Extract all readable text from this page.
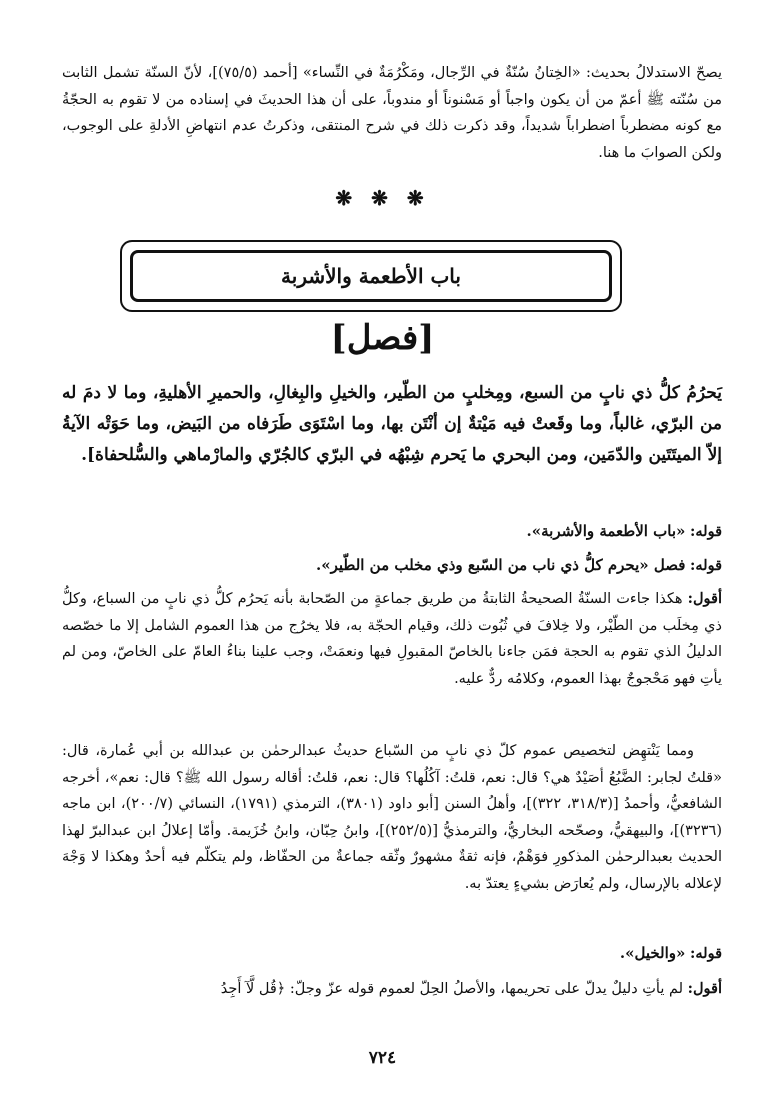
يصحّ الاستدلالُ بحديث: «الخِتانُ سُنّةٌ في الرِّجال، ومَكْرُمَةٌ في النِّساء» [أحمد (٧٥/٥)]، لأنّ السنّة تشمل الثابت من سُنّته ﷺ أعمّ من أن يكون واجباً أو مَسْنوناً أو مندوباً، على أن هذا الحديثَ في إسناده من لا تقوم به الحجّةُ مع كونه مضطرباً اضطراباً شديداً، وقد ذكرت ذلك في شرح المنتقى، وذكرتُ عدم انتهاضِ الأدلةِ على الوجوب، ولكن الصوابَ ما هنا.

❋ ❋ ❋
باب الأطعمة والأشربة
[فصل]

يَحرُمُ كلُّ ذي نابٍ من السبع، ومِخلبٍ من الطّير، والخيلِ والبِغالِ، والحميرِ الأهليةِ، وما لا دمَ له من البرّي، غالباً، وما وقَعتْ فيه مَيْتةٌ إن أنْتَن بها، وما اسْتَوَى طَرَفاه من البَيض، وما حَوَتْه الآيةُ إلاّ الميتَتَين والدّمَين، ومن البحري ما يَحرم شِبْهُه في البرّي كالجُرّي والمارْماهي والسُّلحفاة].

قوله: «باب الأطعمة والأشربة».

قوله: فصل «يحرم كلُّ ذي ناب من السّبع وذي مخلب من الطّير».

أقول: هكذا جاءت السنّةُ الصحيحةُ الثابتةُ من طريق جماعةٍ من الصّحابة بأنه يَحرُم كلُّ ذي نابٍ من السباع، وكلُّ ذي مِخلَب من الطّيْر، ولا خِلافَ في ثُبُوت ذلك، وقيام الحجّة به، فلا يخرُج من هذا العموم الشامل إلا ما خصّصه الدليلُ الذي تقوم به الحجة فمَن جاءنا بالخاصّ المقبولِ فيها ونعمَتْ، وجب علينا بناءُ العامّ على الخاصّ، ومن لم يأتِ فهو مَحْجوجٌ بهذا العموم، وكلامُه ردٌّ عليه.

ومما يَنْتهِض لتخصيص عموم كلّ ذي نابٍ من السّباع حديثُ عبدالرحمٰن بن عبدالله بن أبي عُمارة، قال: «قلتُ لجابر: الضَّبُعُ أصَيْدٌ هي؟ قال: نعم، قلتُ: آكُلُها؟ قال: نعم، قلتُ: أقاله رسول الله ﷺ؟ قال: نعم»، أخرجه الشافعيُّ، وأحمدُ [(٣١٨/٣، ٣٢٢)]، وأهلُ السنن [أبو داود (٣٨٠١)، الترمذي (١٧٩١)، النسائي (٢٠٠/٧)، ابن ماجه (٣٢٣٦)]، والبيهقيُّ، وصحّحه البخاريُّ، والترمذيُّ [(٢٥٢/٥)]، وابنُ حِبّان، وابنُ خُزَيمة. وأمّا إعلالُ ابن عبدالبرّ لهذا الحديث بعبدالرحمٰن المذكورِ فوَهْمٌ، فإنه ثقةٌ مشهورٌ وثّقه جماعةٌ من الحفّاظ، ولم يتكلّم فيه أحدٌ وهكذا لا وَجْهَ لإعلاله بالإرسال، ولم يُعارَض بشيءٍ يعتدّ به.

قوله: «والخيل».

أقول: لم يأتِ دليلٌ يدلّ على تحريمها، والأصلُ الحِلّ لعموم قوله عزّ وجلّ: ﴿قُل لَّآ أَجِدُ

٧٢٤
